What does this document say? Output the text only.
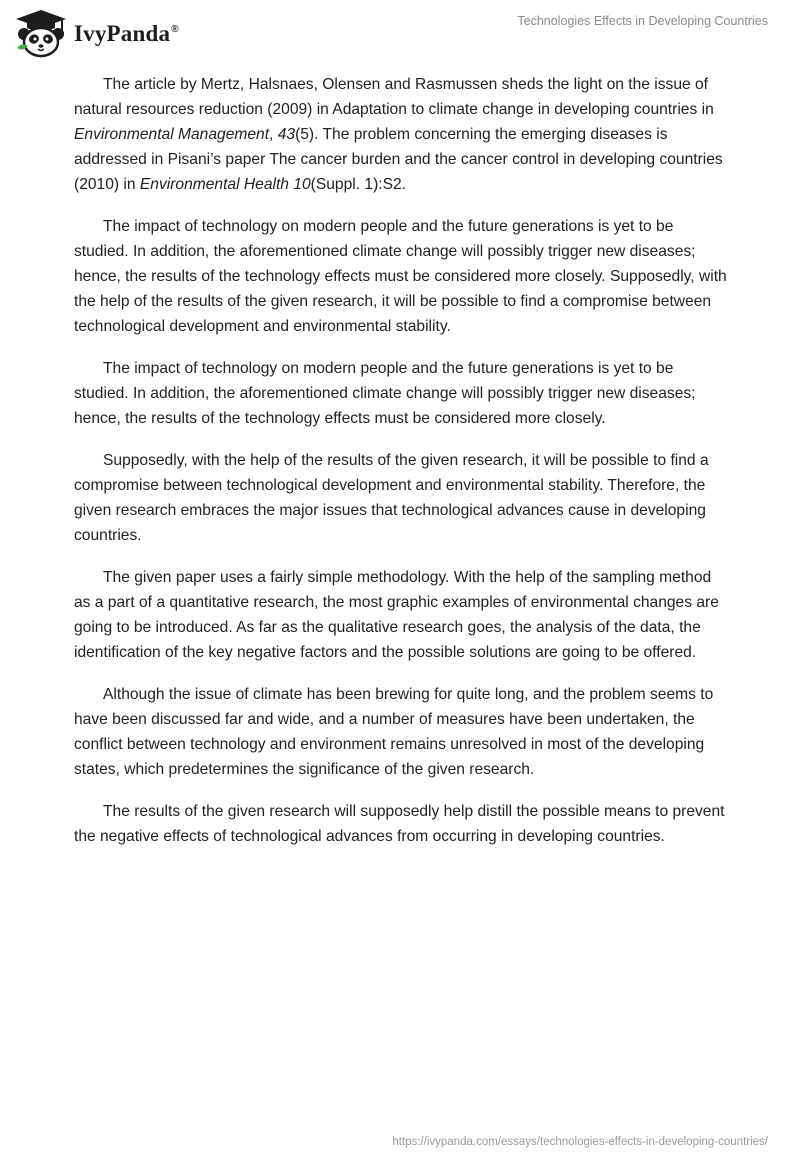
IvyPanda®
Technologies Effects in Developing Countries

The article by Mertz, Halsnaes, Olensen and Rasmussen sheds the light on the issue of natural resources reduction (2009) in Adaptation to climate change in developing countries in Environmental Management, 43(5). The problem concerning the emerging diseases is addressed in Pisani’s paper The cancer burden and the cancer control in developing countries (2010) in Environmental Health 10(Suppl. 1):S2.

The impact of technology on modern people and the future generations is yet to be studied. In addition, the aforementioned climate change will possibly trigger new diseases; hence, the results of the technology effects must be considered more closely. Supposedly, with the help of the results of the given research, it will be possible to find a compromise between technological development and environmental stability.

The impact of technology on modern people and the future generations is yet to be studied. In addition, the aforementioned climate change will possibly trigger new diseases; hence, the results of the technology effects must be considered more closely.

Supposedly, with the help of the results of the given research, it will be possible to find a compromise between technological development and environmental stability. Therefore, the given research embraces the major issues that technological advances cause in developing countries.

The given paper uses a fairly simple methodology. With the help of the sampling method as a part of a quantitative research, the most graphic examples of environmental changes are going to be introduced. As far as the qualitative research goes, the analysis of the data, the identification of the key negative factors and the possible solutions are going to be offered.

Although the issue of climate has been brewing for quite long, and the problem seems to have been discussed far and wide, and a number of measures have been undertaken, the conflict between technology and environment remains unresolved in most of the developing states, which predetermines the significance of the given research.

The results of the given research will supposedly help distill the possible means to prevent the negative effects of technological advances from occurring in developing countries.

https://ivypanda.com/essays/technologies-effects-in-developing-countries/
